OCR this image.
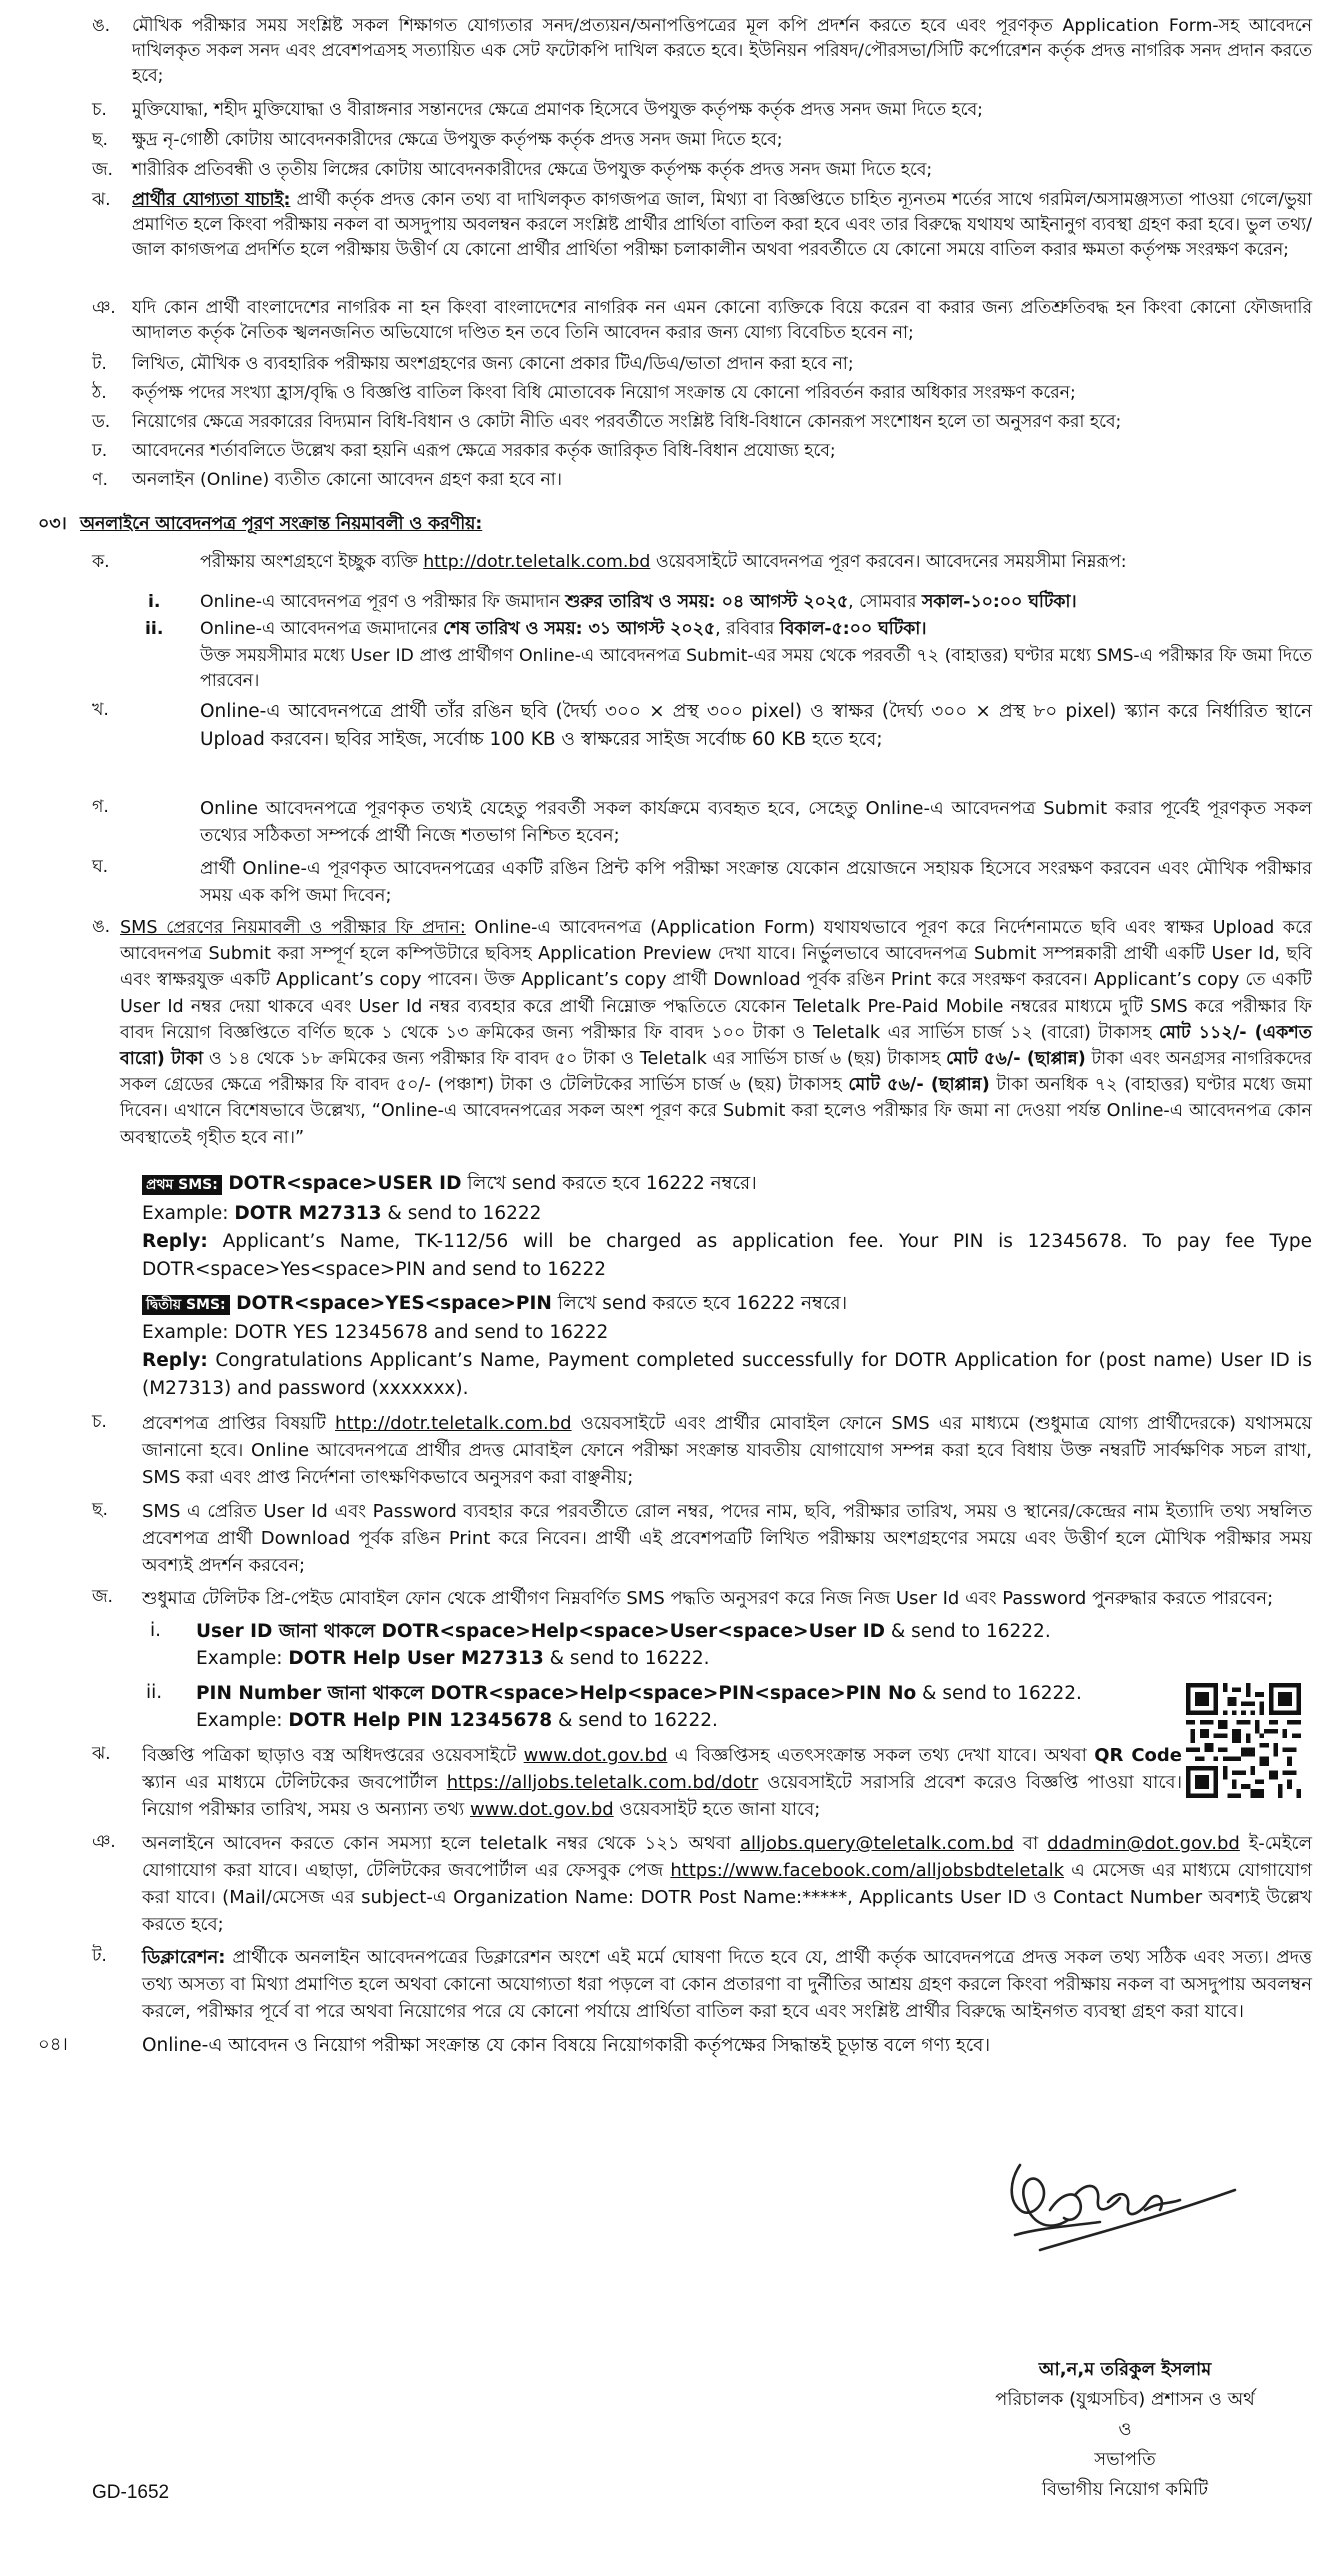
ঙ. মৌখিক পরীক্ষার সময় সংশ্লিষ্ট সকল শিক্ষাগত যোগ্যতার সনদ/প্রত্যয়ন/অনাপত্তিপত্রের মূল কপি প্রদর্শন করতে হবে এবং পূরণকৃত Application Form-সহ আবেদনে দাখিলকৃত সকল সনদ এবং প্রবেশপত্রসহ সত্যায়িত এক সেট ফটোকপি দাখিল করতে হবে। ইউনিয়ন পরিষদ/পৌরসভা/সিটি কর্পোরেশন কর্তৃক প্রদত্ত নাগরিক সনদ প্রদান করতে হবে;

চ. মুক্তিযোদ্ধা, শহীদ মুক্তিযোদ্ধা ও বীরাঙ্গনার সন্তানদের ক্ষেত্রে প্রমাণক হিসেবে উপযুক্ত কর্তৃপক্ষ কর্তৃক প্রদত্ত সনদ জমা দিতে হবে;

ছ. ক্ষুদ্র নৃ-গোষ্ঠী কোটায় আবেদনকারীদের ক্ষেত্রে উপযুক্ত কর্তৃপক্ষ কর্তৃক প্রদত্ত সনদ জমা দিতে হবে;

জ. শারীরিক প্রতিবন্ধী ও তৃতীয় লিঙ্গের কোটায় আবেদনকারীদের ক্ষেত্রে উপযুক্ত কর্তৃপক্ষ কর্তৃক প্রদত্ত সনদ জমা দিতে হবে;

ঝ. প্রার্থীর যোগ্যতা যাচাই: প্রার্থী কর্তৃক প্রদত্ত কোন তথ্য বা দাখিলকৃত কাগজপত্র জাল, মিথ্যা বা বিজ্ঞপ্তিতে চাহিত ন্যূনতম শর্তের সাথে গরমিল/অসামঞ্জস্যতা পাওয়া গেলে/ভুয়া প্রমাণিত হলে কিংবা পরীক্ষায় নকল বা অসদুপায় অবলম্বন করলে সংশ্লিষ্ট প্রার্থীর প্রার্থিতা বাতিল করা হবে এবং তার বিরুদ্ধে যথাযথ আইনানুগ ব্যবস্থা গ্রহণ করা হবে। ভুল তথ্য/জাল কাগজপত্র প্রদর্শিত হলে পরীক্ষায় উত্তীর্ণ যে কোনো প্রার্থীর প্রার্থিতা পরীক্ষা চলাকালীন অথবা পরবর্তীতে যে কোনো সময়ে বাতিল করার ক্ষমতা কর্তৃপক্ষ সংরক্ষণ করেন;

ঞ. যদি কোন প্রার্থী বাংলাদেশের নাগরিক না হন কিংবা বাংলাদেশের নাগরিক নন এমন কোনো ব্যক্তিকে বিয়ে করেন বা করার জন্য প্রতিশ্রুতিবদ্ধ হন কিংবা কোনো ফৌজদারি আদালত কর্তৃক নৈতিক স্খলনজনিত অভিযোগে দণ্ডিত হন তবে তিনি আবেদন করার জন্য যোগ্য বিবেচিত হবেন না;

ট. লিখিত, মৌখিক ও ব্যবহারিক পরীক্ষায় অংশগ্রহণের জন্য কোনো প্রকার টিএ/ডিএ/ভাতা প্রদান করা হবে না;

ঠ. কর্তৃপক্ষ পদের সংখ্যা হ্রাস/বৃদ্ধি ও বিজ্ঞপ্তি বাতিল কিংবা বিধি মোতাবেক নিয়োগ সংক্রান্ত যে কোনো পরিবর্তন করার অধিকার সংরক্ষণ করেন;

ড. নিয়োগের ক্ষেত্রে সরকারের বিদ্যমান বিধি-বিধান ও কোটা নীতি এবং পরবর্তীতে সংশ্লিষ্ট বিধি-বিধানে কোনরূপ সংশোধন হলে তা অনুসরণ করা হবে;

ঢ. আবেদনের শর্তাবলিতে উল্লেখ করা হয়নি এরূপ ক্ষেত্রে সরকার কর্তৃক জারিকৃত বিধি-বিধান প্রযোজ্য হবে;

ণ. অনলাইন (Online) ব্যতীত কোনো আবেদন গ্রহণ করা হবে না।

০৩। অনলাইনে আবেদনপত্র পূরণ সংক্রান্ত নিয়মাবলী ও করণীয়:
ক.	পরীক্ষায় অংশগ্রহণে ইচ্ছুক ব্যক্তি http://dotr.teletalk.com.bd ওয়েবসাইটে আবেদনপত্র পূরণ করবেন। আবেদনের সময়সীমা নিম্নরূপ:

i. Online-এ আবেদনপত্র পূরণ ও পরীক্ষার ফি জমাদান শুরুর তারিখ ও সময়: ০৪ আগস্ট ২০২৫, সোমবার সকাল-১০:০০ ঘটিকা।

ii. Online-এ আবেদনপত্র জমাদানের শেষ তারিখ ও সময়: ৩১ আগস্ট ২০২৫, রবিবার বিকাল-৫:০০ ঘটিকা।

উক্ত সময়সীমার মধ্যে User ID প্রাপ্ত প্রার্থীগণ Online-এ আবেদনপত্র Submit-এর সময় থেকে পরবর্তী ৭২ (বাহাত্তর) ঘণ্টার মধ্যে SMS-এ পরীক্ষার ফি জমা দিতে পারবেন।

খ.	Online-এ আবেদনপত্রে প্রার্থী তাঁর রঙিন ছবি (দৈর্ঘ্য ৩০০ × প্রস্থ ৩০০ pixel) ও স্বাক্ষর (দৈর্ঘ্য ৩০০ × প্রস্থ ৮০ pixel) স্ক্যান করে নির্ধারিত স্থানে Upload করবেন। ছবির সাইজ, সর্বোচ্চ 100 KB ও স্বাক্ষরের সাইজ সর্বোচ্চ 60 KB হতে হবে;

গ.	Online আবেদনপত্রে পূরণকৃত তথ্যই যেহেতু পরবর্তী সকল কার্যক্রমে ব্যবহৃত হবে, সেহেতু Online-এ আবেদনপত্র Submit করার পূর্বেই পূরণকৃত সকল তথ্যের সঠিকতা সম্পর্কে প্রার্থী নিজে শতভাগ নিশ্চিত হবেন;

ঘ.	প্রার্থী Online-এ পূরণকৃত আবেদনপত্রের একটি রঙিন প্রিন্ট কপি পরীক্ষা সংক্রান্ত যেকোন প্রয়োজনে সহায়ক হিসেবে সংরক্ষণ করবেন এবং মৌখিক পরীক্ষার সময় এক কপি জমা দিবেন;

ঙ. SMS প্রেরণের নিয়মাবলী ও পরীক্ষার ফি প্রদান: Online-এ আবেদনপত্র (Application Form) যথাযথভাবে পূরণ করে নির্দেশনামতে ছবি এবং স্বাক্ষর Upload করে আবেদনপত্র Submit করা সম্পূর্ণ হলে কম্পিউটারে ছবিসহ Application Preview দেখা যাবে। নির্ভুলভাবে আবেদনপত্র Submit সম্পন্নকারী প্রার্থী একটি User Id, ছবি এবং স্বাক্ষরযুক্ত একটি Applicant’s copy পাবেন। উক্ত Applicant’s copy প্রার্থী Download পূর্বক রঙিন Print করে সংরক্ষণ করবেন। Applicant’s copy তে একটি User Id নম্বর দেয়া থাকবে এবং User Id নম্বর ব্যবহার করে প্রার্থী নিম্নোক্ত পদ্ধতিতে যেকোন Teletalk Pre-Paid Mobile নম্বরের মাধ্যমে দুটি SMS করে পরীক্ষার ফি বাবদ নিয়োগ বিজ্ঞপ্তিতে বর্ণিত ছকে ১ থেকে ১৩ ক্রমিকের জন্য পরীক্ষার ফি বাবদ ১০০ টাকা ও Teletalk এর সার্ভিস চার্জ ১২ (বারো) টাকাসহ মোট ১১২/- (একশত বারো) টাকা ও ১৪ থেকে ১৮ ক্রমিকের জন্য পরীক্ষার ফি বাবদ ৫০ টাকা ও Teletalk এর সার্ভিস চার্জ ৬ (ছয়) টাকাসহ মোট ৫৬/- (ছাপ্পান্ন) টাকা এবং অনগ্রসর নাগরিকদের সকল গ্রেডের ক্ষেত্রে পরীক্ষার ফি বাবদ ৫০/- (পঞ্চাশ) টাকা ও টেলিটকের সার্ভিস চার্জ ৬ (ছয়) টাকাসহ মোট ৫৬/- (ছাপ্পান্ন) টাকা অনধিক ৭২ (বাহাত্তর) ঘণ্টার মধ্যে জমা দিবেন। এখানে বিশেষভাবে উল্লেখ্য, “Online-এ আবেদনপত্রের সকল অংশ পূরণ করে Submit করা হলেও পরীক্ষার ফি জমা না দেওয়া পর্যন্ত Online-এ আবেদনপত্র কোন অবস্থাতেই গৃহীত হবে না।”

প্রথম SMS: DOTR<space>USER ID লিখে send করতে হবে 16222 নম্বরে।

Example: DOTR M27313 & send to 16222

Reply: Applicant’s Name, TK-112/56 will be charged as application fee. Your PIN is 12345678. To pay fee Type DOTR<space>Yes<space>PIN and send to 16222

দ্বিতীয় SMS: DOTR<space>YES<space>PIN লিখে send করতে হবে 16222 নম্বরে।

Example: DOTR YES 12345678 and send to 16222

Reply: Congratulations Applicant’s Name, Payment completed successfully for DOTR Application for (post name) User ID is (M27313) and password (xxxxxxx).

চ. প্রবেশপত্র প্রাপ্তির বিষয়টি http://dotr.teletalk.com.bd ওয়েবসাইটে এবং প্রার্থীর মোবাইল ফোনে SMS এর মাধ্যমে (শুধুমাত্র যোগ্য প্রার্থীদেরকে) যথাসময়ে জানানো হবে। Online আবেদনপত্রে প্রার্থীর প্রদত্ত মোবাইল ফোনে পরীক্ষা সংক্রান্ত যাবতীয় যোগাযোগ সম্পন্ন করা হবে বিধায় উক্ত নম্বরটি সার্বক্ষণিক সচল রাখা, SMS করা এবং প্রাপ্ত নির্দেশনা তাৎক্ষণিকভাবে অনুসরণ করা বাঞ্ছনীয়;

ছ. SMS এ প্রেরিত User Id এবং Password ব্যবহার করে পরবর্তীতে রোল নম্বর, পদের নাম, ছবি, পরীক্ষার তারিখ, সময় ও স্থানের/কেন্দ্রের নাম ইত্যাদি তথ্য সম্বলিত প্রবেশপত্র প্রার্থী Download পূর্বক রঙিন Print করে নিবেন। প্রার্থী এই প্রবেশপত্রটি লিখিত পরীক্ষায় অংশগ্রহণের সময়ে এবং উত্তীর্ণ হলে মৌখিক পরীক্ষার সময় অবশ্যই প্রদর্শন করবেন;

জ. শুধুমাত্র টেলিটক প্রি-পেইড মোবাইল ফোন থেকে প্রার্থীগণ নিম্নবর্ণিত SMS পদ্ধতি অনুসরণ করে নিজ নিজ User Id এবং Password পুনরুদ্ধার করতে পারবেন;

i. User ID জানা থাকলে DOTR<space>Help<space>User<space>User ID & send to 16222.

Example: DOTR Help User M27313 & send to 16222.

ii. PIN Number জানা থাকলে DOTR<space>Help<space>PIN<space>PIN No & send to 16222.

Example: DOTR Help PIN 12345678 & send to 16222.

ঝ. বিজ্ঞপ্তি পত্রিকা ছাড়াও বস্ত্র অধিদপ্তরের ওয়েবসাইটে www.dot.gov.bd এ বিজ্ঞপ্তিসহ এতৎসংক্রান্ত সকল তথ্য দেখা যাবে। অথবা QR Code স্ক্যান এর মাধ্যমে টেলিটকের জবপোর্টাল https://alljobs.teletalk.com.bd/dotr ওয়েবসাইটে সরাসরি প্রবেশ করেও বিজ্ঞপ্তি পাওয়া যাবে। নিয়োগ পরীক্ষার তারিখ, সময় ও অন্যান্য তথ্য www.dot.gov.bd ওয়েবসাইট হতে জানা যাবে;

ঞ. অনলাইনে আবেদন করতে কোন সমস্যা হলে teletalk নম্বর থেকে ১২১ অথবা alljobs.query@teletalk.com.bd বা ddadmin@dot.gov.bd ই-মেইলে যোগাযোগ করা যাবে। এছাড়া, টেলিটকের জবপোর্টাল এর ফেসবুক পেজ https://www.facebook.com/alljobsbdteletalk এ মেসেজ এর মাধ্যমে যোগাযোগ করা যাবে। (Mail/মেসেজ এর subject-এ Organization Name: DOTR Post Name:*****, Applicants User ID ও Contact Number অবশ্যই উল্লেখ করতে হবে;

ট. ডিক্লারেশন: প্রার্থীকে অনলাইন আবেদনপত্রের ডিক্লারেশন অংশে এই মর্মে ঘোষণা দিতে হবে যে, প্রার্থী কর্তৃক আবেদনপত্রে প্রদত্ত সকল তথ্য সঠিক এবং সত্য। প্রদত্ত তথ্য অসত্য বা মিথ্যা প্রমাণিত হলে অথবা কোনো অযোগ্যতা ধরা পড়লে বা কোন প্রতারণা বা দুর্নীতির আশ্রয় গ্রহণ করলে কিংবা পরীক্ষায় নকল বা অসদুপায় অবলম্বন করলে, পরীক্ষার পূর্বে বা পরে অথবা নিয়োগের পরে যে কোনো পর্যায়ে প্রার্থিতা বাতিল করা হবে এবং সংশ্লিষ্ট প্রার্থীর বিরুদ্ধে আইনগত ব্যবস্থা গ্রহণ করা যাবে।

০৪।	Online-এ আবেদন ও নিয়োগ পরীক্ষা সংক্রান্ত যে কোন বিষয়ে নিয়োগকারী কর্তৃপক্ষের সিদ্ধান্তই চূড়ান্ত বলে গণ্য হবে।

আ,ন,ম তরিকুল ইসলাম
পরিচালক (যুগ্মসচিব) প্রশাসন ও অর্থ
ও
সভাপতি
বিভাগীয় নিয়োগ কমিটি
GD-1652
